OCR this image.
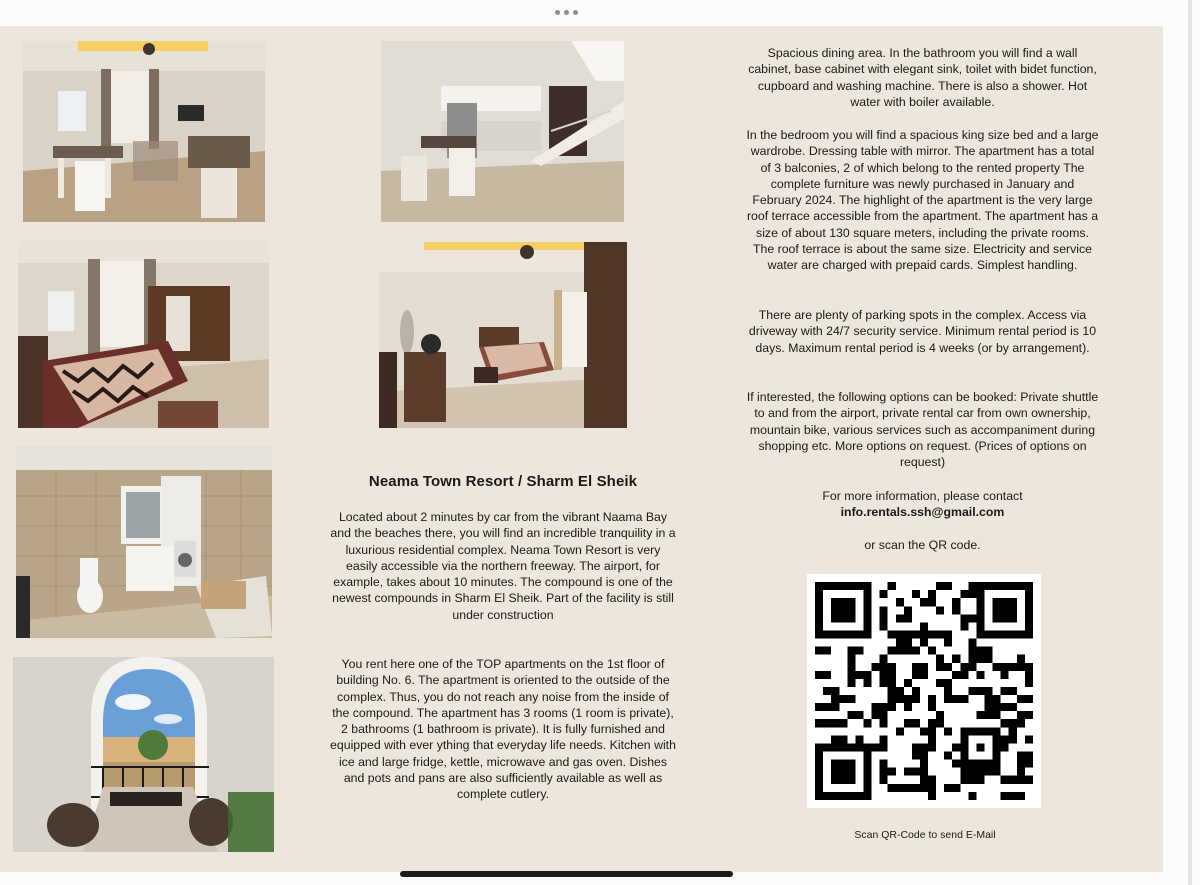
Neama Town Resort / Sharm El Sheik

Located about 2 minutes by car from the vibrant Naama Bay and the beaches there, you will find an incredible tranquility in a luxurious residential complex. Neama Town Resort is very easily accessible via the northern freeway. The airport, for example, takes about 10 minutes. The compound is one of the newest compounds in Sharm El Sheik. Part of the facility is still under construction

You rent here one of the TOP apartments on the 1st floor of building No. 6. The apartment is oriented to the outside of the complex. Thus, you do not reach any noise from the inside of the compound. The apartment has 3 rooms (1 room is private), 2 bathrooms (1 bathroom is private). It is fully furnished and equipped with ever ything that everyday life needs. Kitchen with ice and large fridge, kettle, microwave and gas oven. Dishes and pots and pans are also sufficiently available as well as complete cutlery.

Spacious dining area. In the bathroom you will find a wall cabinet, base cabinet with elegant sink, toilet with bidet function, cupboard and washing machine. There is also a shower. Hot water with boiler available.

In the bedroom you will find a spacious king size bed and a large wardrobe. Dressing table with mirror. The apartment has a total of 3 balconies, 2 of which belong to the rented property The complete furniture was newly purchased in January and February 2024. The highlight of the apartment is the very large roof terrace accessible from the apartment. The apartment has a size of about 130 square meters, including the private rooms. The roof terrace is about the same size. Electricity and service water are charged with prepaid cards. Simplest handling.

There are plenty of parking spots in the complex. Access via driveway with 24/7 security service. Minimum rental period is 10 days. Maximum rental period is 4 weeks (or by arrangement).

If interested, the following options can be booked: Private shuttle to and from the airport, private rental car from own ownership, mountain bike, various services such as accompaniment during shopping etc. More options on request. (Prices of options on request)

For more information, please contact

info.rentals.ssh@gmail.com

or scan the QR code.

Scan QR-Code to send E-Mail
